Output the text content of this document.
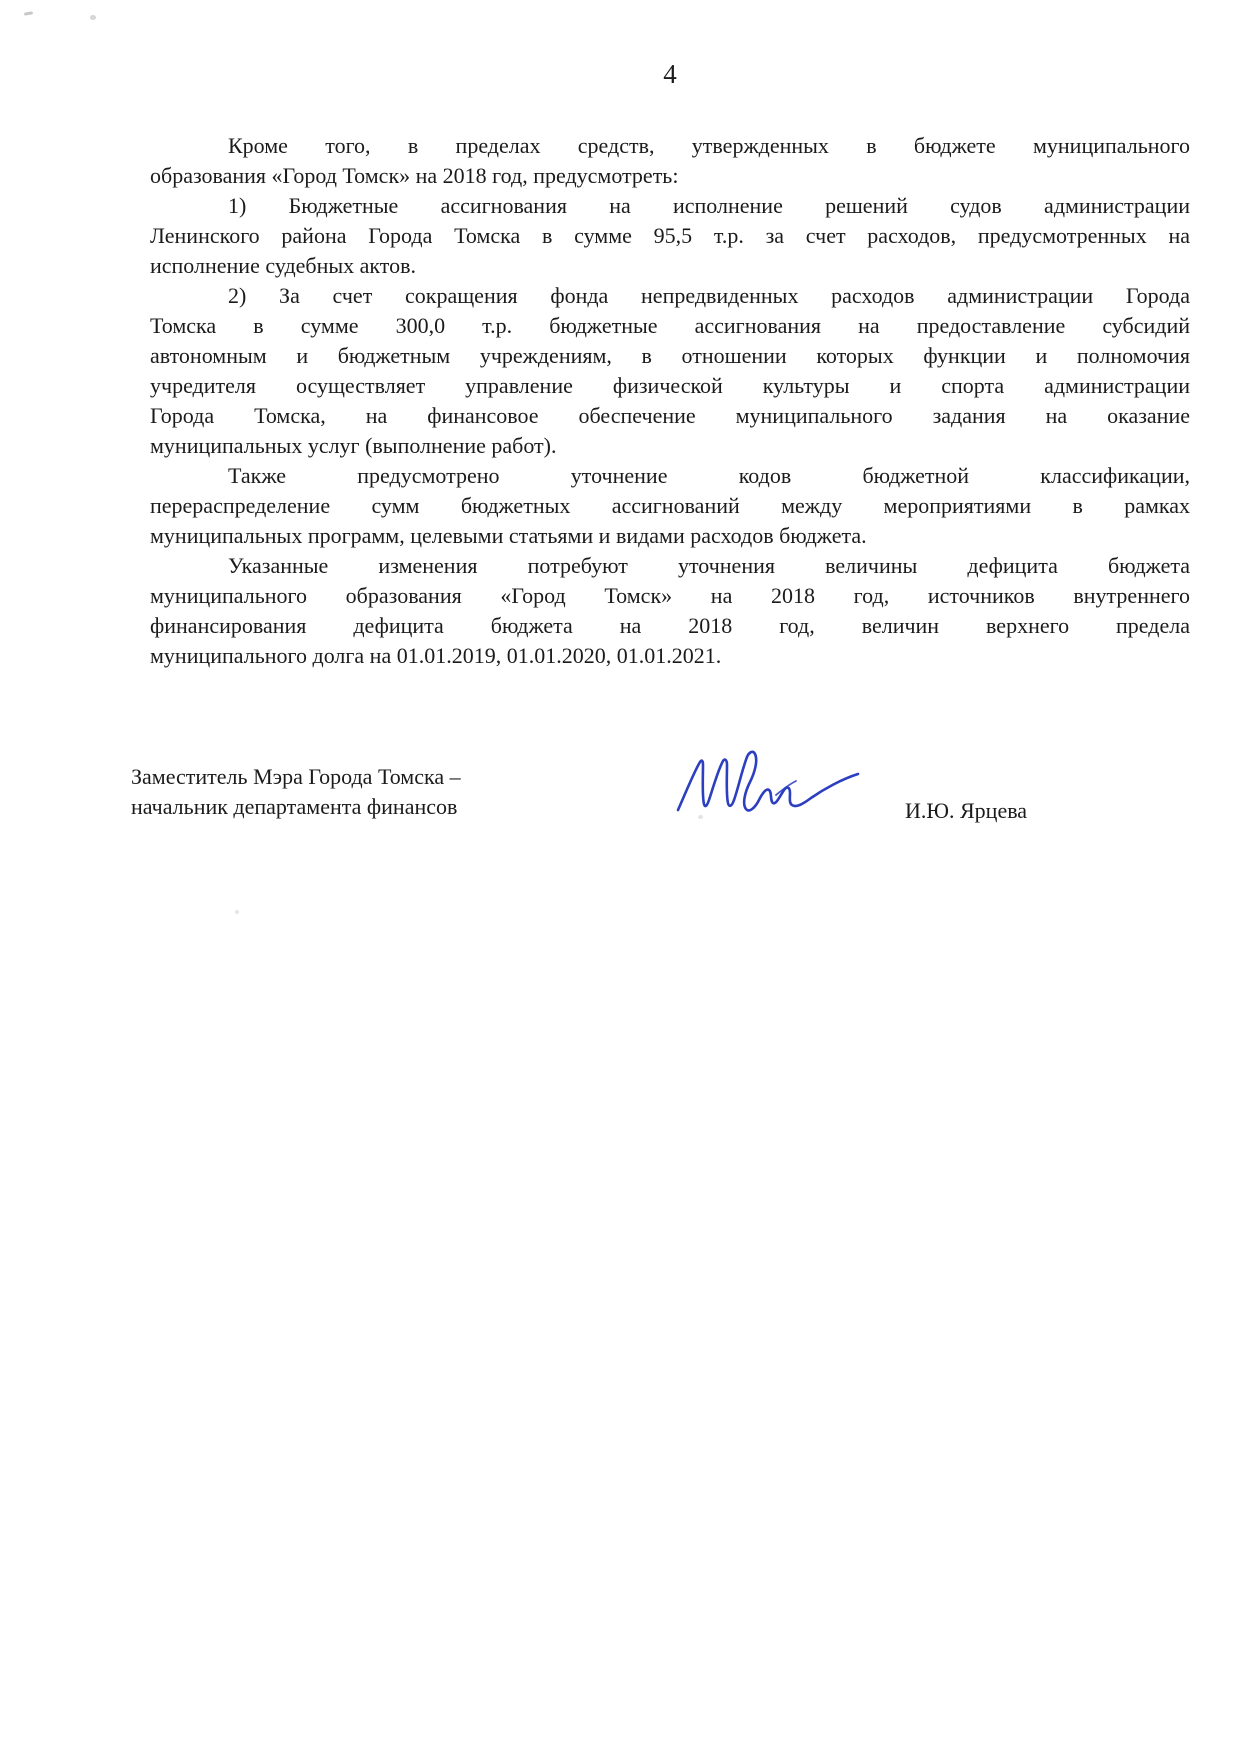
4

Кроме того, в пределах средств, утвержденных в бюджете муниципального
образования «Город Томск» на 2018 год, предусмотреть:

1) Бюджетные ассигнования на исполнение решений судов администрации
Ленинского района Города Томска в сумме 95,5 т.р. за счет расходов, предусмотренных на
исполнение судебных актов.

2) За счет сокращения фонда непредвиденных расходов администрации Города
Томска в сумме 300,0 т.р. бюджетные ассигнования на предоставление субсидий
автономным и бюджетным учреждениям, в отношении которых функции и полномочия
учредителя осуществляет управление физической культуры и спорта администрации
Города Томска, на финансовое обеспечение муниципального задания на оказание
муниципальных услуг (выполнение работ).

Также предусмотрено уточнение кодов бюджетной классификации,
перераспределение сумм бюджетных ассигнований между мероприятиями в рамках
муниципальных программ, целевыми статьями и видами расходов бюджета.

Указанные изменения потребуют уточнения величины дефицита бюджета
муниципального образования «Город Томск» на 2018 год, источников внутреннего
финансирования дефицита бюджета на 2018 год, величин верхнего предела
муниципального долга на 01.01.2019, 01.01.2020, 01.01.2021.

Заместитель Мэра Города Томска –
начальник департамента финансов	И.Ю. Ярцева
